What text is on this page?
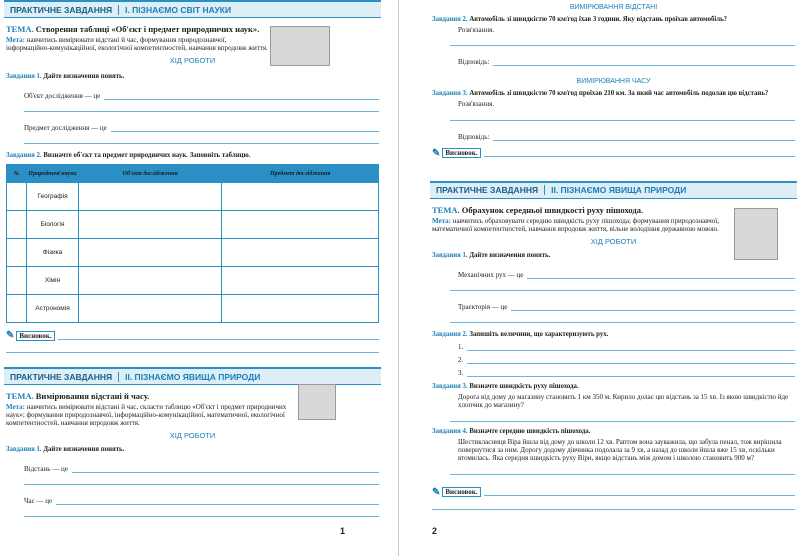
ПРАКТИЧНЕ ЗАВДАННЯ	І. ПІЗНАЄМО СВІТ НАУКИ
ТЕМА. Створення таблиці «Об'єкт і предмет природничих наук».
Мета: навчитись вимірювати відстані й час, формування природознавчої, інформаційно-комунікаційної, екологічної компетентностей, навчання впродовж життя.
ХІД РОБОТИ
Завдання 1. Дайте визначення понять.
Об'єкт дослідження — це
Предмет дослідження — це
Завдання 2. Визначте об'єкт та предмет природничих наук. Заповніть таблицю.
№	Природничі науки	Об'єкт дослідження	Предмет дослідження
	Географія		
	Біологія		
	Фізика		
	Хімія		
	Астрономія		
✎ Висновок.
ПРАКТИЧНЕ ЗАВДАННЯ	ІІ. ПІЗНАЄМО ЯВИЩА ПРИРОДИ
ТЕМА. Вимірювання відстані й часу.
Мета: навчитись вимірювати відстані й час, скласти таблицю «Об'єкт і предмет природничих наук»; формування природознавчої, інформаційно-комунікаційної, математичної, екологічної компетентностей, навчання впродовж життя.
ХІД РОБОТИ
Завдання 1. Дайте визначення понять.
Відстань — це
Час — це
1
ВИМІРЮВАННЯ ВІДСТАНІ
Завдання 2. Автомобіль зі швидкістю 70 км/год їхав 3 години. Яку відстань проїхав автомобіль?
Розв'язання.
Відповідь:
ВИМІРЮВАННЯ ЧАСУ
Завдання 3. Автомобіль зі швидкістю 70 км/год проїхав 210 км. За який час автомобіль подолав цю відстань?
Розв'язання.
Відповідь:
✎ Висновок.
ПРАКТИЧНЕ ЗАВДАННЯ	ІІ. ПІЗНАЄМО ЯВИЩА ПРИРОДИ
ТЕМА. Обрахунок середньої швидкості руху пішохода.
Мета: навчитись обраховувати середню швидкість руху пішохода; формування природознавчої, математичної компетентностей, навчання впродовж життя, вільне володіння державною мовою.
ХІД РОБОТИ
Завдання 1. Дайте визначення понять.
Механічних рух — це
Траєкторія — це
Завдання 2. Запишіть величини, що характеризують рух.
1.
2.
3.
Завдання 3. Визначте швидкість руху пішохода.
Дорога від дому до магазину становить 1 км 350 м. Кирило долає цю відстань за 15 хв. Із якою швидкістю йде хлопчик до магазину?
Завдання 4. Визначте середню швидкість пішохода.
Шестикласниця Віра йшла від дому до школи 12 хв. Раптом вона зауважила, що забула пенал, тож вирішила повернутися за ним. Дорогу додому дівчинка подолала за 9 хв, а назад до школи йшла вже 15 хв, оскільки втомилась. Яка середня швидкість руху Віри, якщо відстань між домом і школою становить 900 м?
✎ Висновок.
2
